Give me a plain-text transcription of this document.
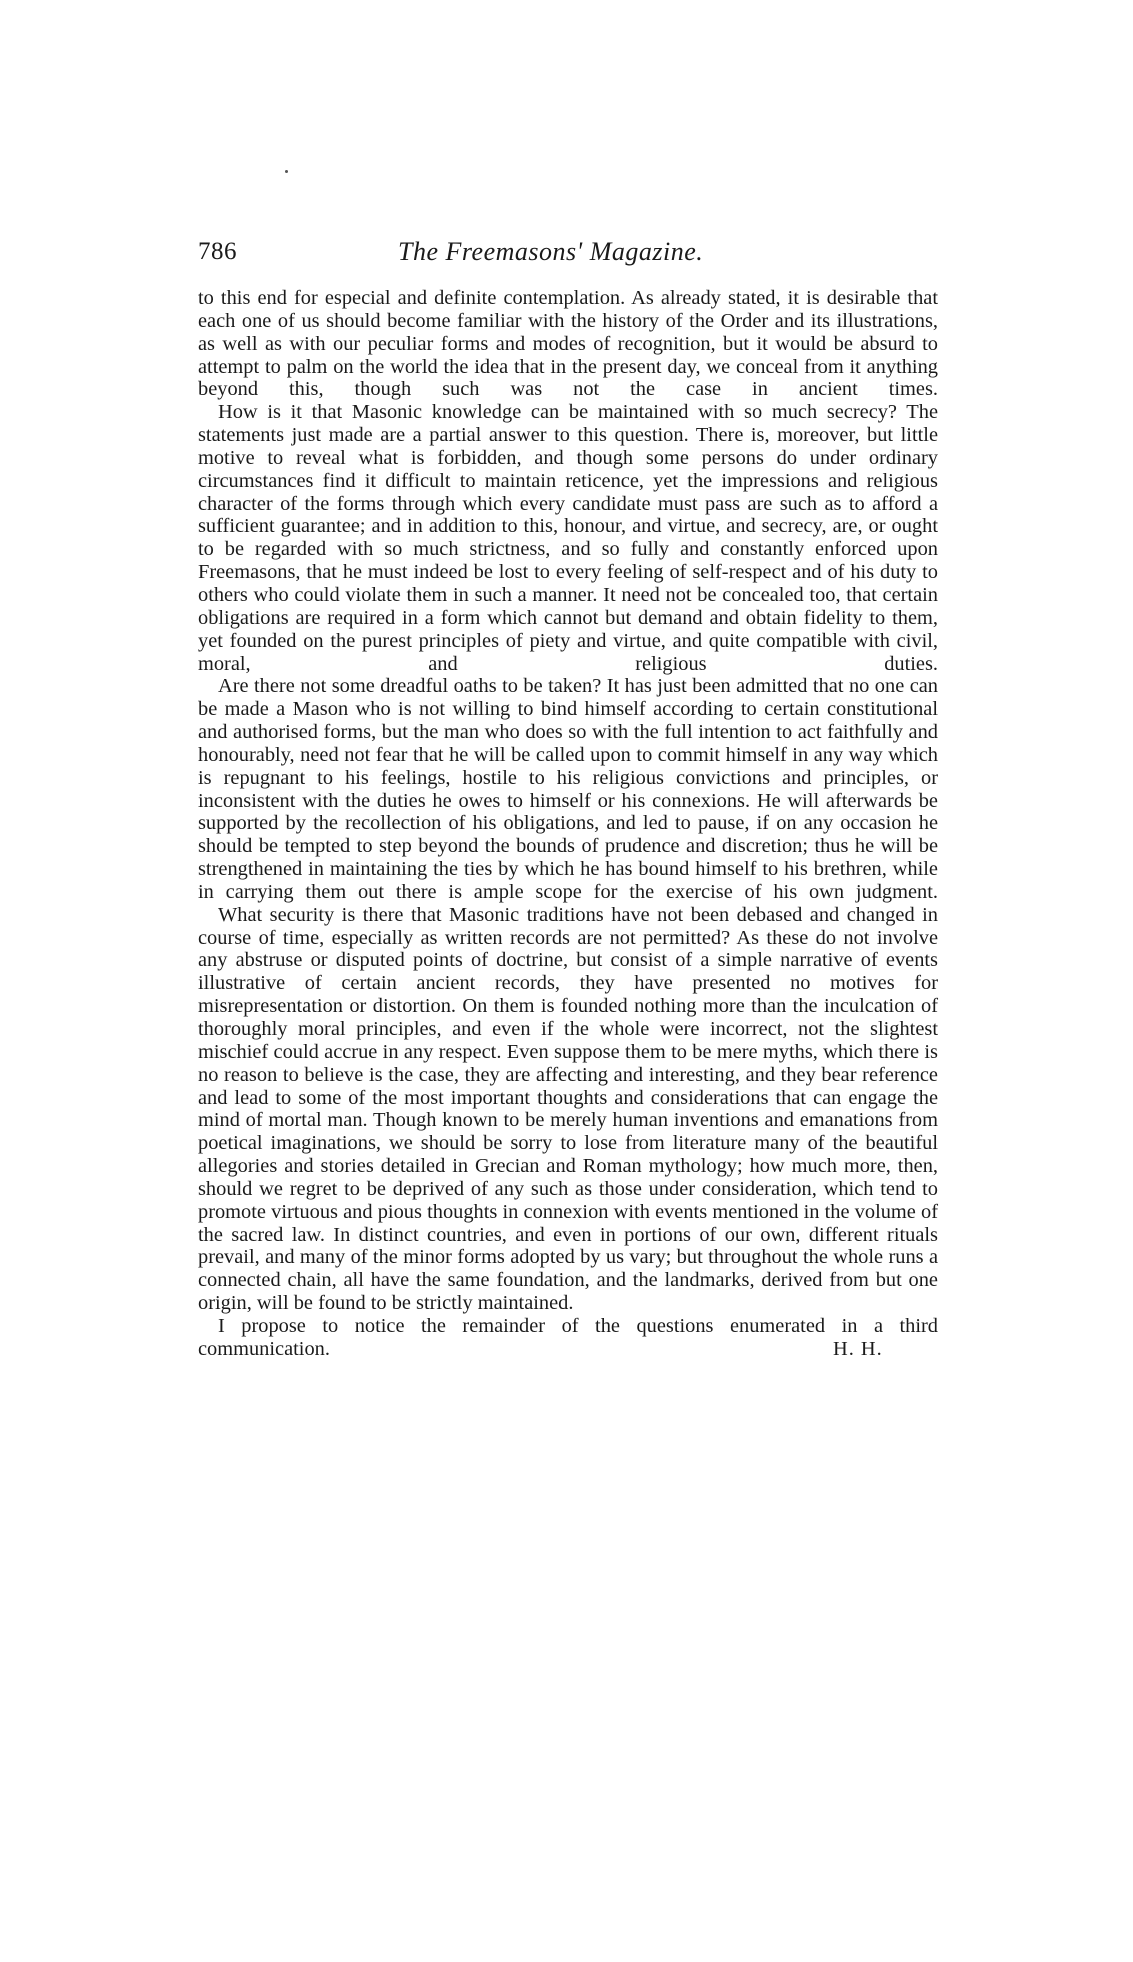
786	The Freemasons' Magazine.

to this end for especial and definite contemplation. As already stated, it is desirable that each one of us should become familiar with the history of the Order and its illustrations, as well as with our peculiar forms and modes of recognition, but it would be absurd to attempt to palm on the world the idea that in the present day, we conceal from it anything beyond this, though such was not the case in ancient times.

How is it that Masonic knowledge can be maintained with so much secrecy? The statements just made are a partial answer to this question. There is, moreover, but little motive to reveal what is forbidden, and though some persons do under ordinary circumstances find it difficult to maintain reticence, yet the impressions and religious character of the forms through which every candidate must pass are such as to afford a sufficient guarantee; and in addition to this, honour, and virtue, and secrecy, are, or ought to be regarded with so much strictness, and so fully and constantly enforced upon Freemasons, that he must indeed be lost to every feeling of self-respect and of his duty to others who could violate them in such a manner. It need not be concealed too, that certain obligations are required in a form which cannot but demand and obtain fidelity to them, yet founded on the purest principles of piety and virtue, and quite compatible with civil, moral, and religious duties.

Are there not some dreadful oaths to be taken? It has just been admitted that no one can be made a Mason who is not willing to bind himself according to certain constitutional and authorised forms, but the man who does so with the full intention to act faithfully and honourably, need not fear that he will be called upon to commit himself in any way which is repugnant to his feelings, hostile to his religious convictions and principles, or inconsistent with the duties he owes to himself or his connexions. He will afterwards be supported by the recollection of his obligations, and led to pause, if on any occasion he should be tempted to step beyond the bounds of prudence and discretion; thus he will be strengthened in maintaining the ties by which he has bound himself to his brethren, while in carrying them out there is ample scope for the exercise of his own judgment.

What security is there that Masonic traditions have not been debased and changed in course of time, especially as written records are not permitted? As these do not involve any abstruse or disputed points of doctrine, but consist of a simple narrative of events illustrative of certain ancient records, they have presented no motives for misrepresentation or distortion. On them is founded nothing more than the inculcation of thoroughly moral principles, and even if the whole were incorrect, not the slightest mischief could accrue in any respect. Even suppose them to be mere myths, which there is no reason to believe is the case, they are affecting and interesting, and they bear reference and lead to some of the most important thoughts and considerations that can engage the mind of mortal man. Though known to be merely human inventions and emanations from poetical imaginations, we should be sorry to lose from literature many of the beautiful allegories and stories detailed in Grecian and Roman mythology; how much more, then, should we regret to be deprived of any such as those under consideration, which tend to promote virtuous and pious thoughts in connexion with events mentioned in the volume of the sacred law. In distinct countries, and even in portions of our own, different rituals prevail, and many of the minor forms adopted by us vary; but throughout the whole runs a connected chain, all have the same foundation, and the landmarks, derived from but one origin, will be found to be strictly maintained.

I propose to notice the remainder of the questions enumerated in a third
communication.	H. H.
